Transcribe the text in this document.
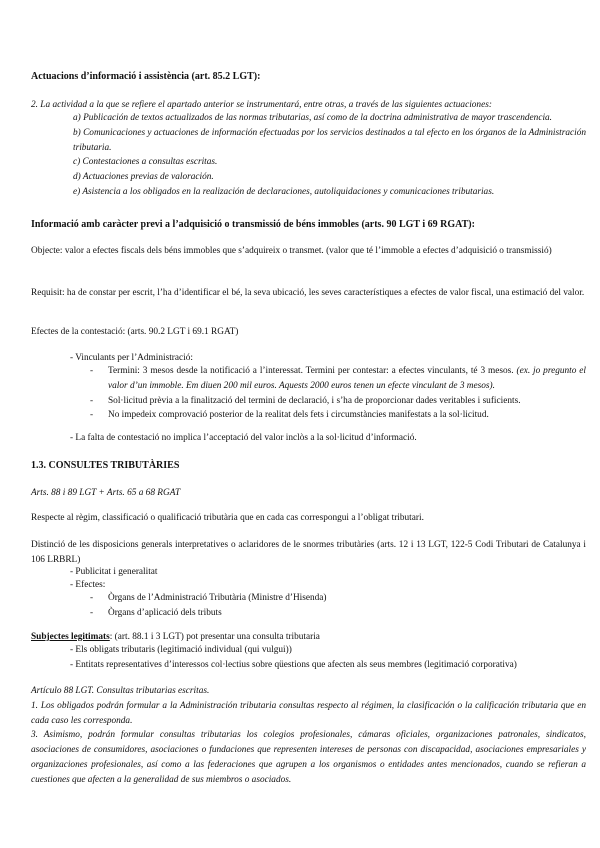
Actuacions d’informació i assistència (art. 85.2 LGT):
2. La actividad a la que se refiere el apartado anterior se instrumentará, entre otras, a través de las siguientes actuaciones:

a) Publicación de textos actualizados de las normas tributarias, así como de la doctrina administrativa de mayor trascendencia.

b) Comunicaciones y actuaciones de información efectuadas por los servicios destinados a tal efecto en los órganos de la Administración tributaria.

c) Contestaciones a consultas escritas.

d) Actuaciones previas de valoración.

e) Asistencia a los obligados en la realización de declaraciones, autoliquidaciones y comunicaciones tributarias.

Informació amb caràcter previ a l’adquisició o transmissió de béns immobles (arts. 90 LGT i 69 RGAT):
Objecte: valor a efectes fiscals dels béns immobles que s’adquireix o transmet. (valor que té l’immoble a efectes d’adquisició o transmissió)
Requisit: ha de constar per escrit, l’ha d’identificar el bé, la seva ubicació, les seves característiques a efectes de valor fiscal, una estimació del valor.
Efectes de la contestació: (arts. 90.2 LGT i 69.1 RGAT)
- Vinculants per l’Administració:
-	Termini: 3 mesos desde la notificació a l’interessat. Termini per contestar: a efectes vinculants, té 3 mesos. (ex. jo pregunto el valor d’un immoble. Em diuen 200 mil euros. Aquests 2000 euros tenen un efecte vinculant de 3 mesos).
-	Sol·licitud prèvia a la finalització del termini de declaració, i s’ha de proporcionar dades veritables i suficients.
-	No impedeix comprovació posterior de la realitat dels fets i circumstàncies manifestats a la sol·licitud.
- La falta de contestació no implica l’acceptació del valor inclòs a la sol·licitud d’informació.
1.3. CONSULTES TRIBUTÀRIES
Arts. 88 i 89 LGT + Arts. 65 a 68 RGAT
Respecte al règim, classificació o qualificació tributària que en cada cas correspongui a l’obligat tributari.
Distinció de les disposicions generals interpretatives o aclaridores de le snormes tributàries (arts. 12 i 13 LGT, 122-5 Codi Tributari de Catalunya i 106 LRBRL)
- Publicitat i generalitat
- Efectes:
-	Òrgans de l’Administració Tributària (Ministre d’Hisenda)
-	Òrgans d’aplicació dels tributs
Subjectes legitimats: (art. 88.1 i 3 LGT) pot presentar una consulta tributaria

- Els obligats tributaris (legitimació individual (qui vulgui))

- Entitats representatives d’interessos col·lectius sobre qüestions que afecten als seus membres (legitimació corporativa)

Artículo 88 LGT. Consultas tributarias escritas.

1. Los obligados podrán formular a la Administración tributaria consultas respecto al régimen, la clasificación o la calificación tributaria que en cada caso les corresponda.

3. Asimismo, podrán formular consultas tributarias los colegios profesionales, cámaras oficiales, organizaciones patronales, sindicatos, asociaciones de consumidores, asociaciones o fundaciones que representen intereses de personas con discapacidad, asociaciones empresariales y organizaciones profesionales, así como a las federaciones que agrupen a los organismos o entidades antes mencionados, cuando se refieran a cuestiones que afecten a la generalidad de sus miembros o asociados.
